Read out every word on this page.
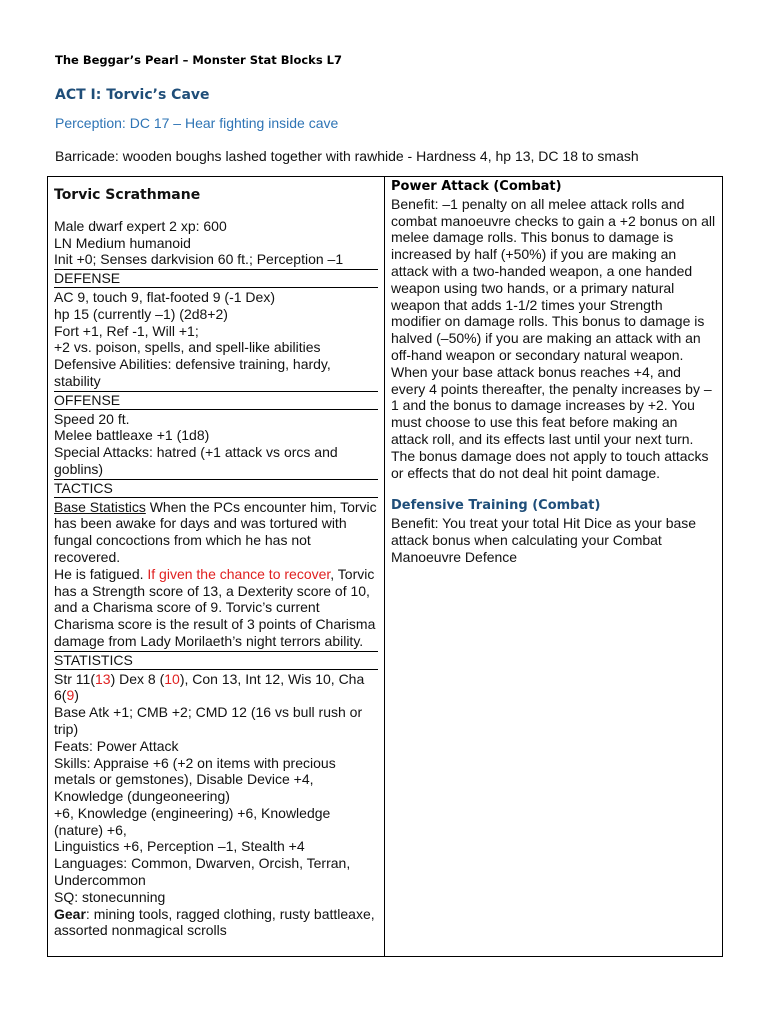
The Beggar’s Pearl – Monster Stat Blocks L7
ACT I: Torvic’s Cave
Perception: DC 17 – Hear fighting inside cave
Barricade: wooden boughs lashed together with rawhide - Hardness 4, hp 13, DC 18 to smash
Torvic Scrathmane
Male dwarf expert 2 xp: 600
LN Medium humanoid
Init +0; Senses darkvision 60 ft.; Perception –1
DEFENSE
AC 9, touch 9, flat-footed 9 (-1 Dex)
hp 15 (currently –1) (2d8+2)
Fort +1, Ref -1, Will +1;
+2 vs. poison, spells, and spell-like abilities
Defensive Abilities: defensive training, hardy, stability
OFFENSE
Speed 20 ft.
Melee battleaxe +1 (1d8)
Special Attacks: hatred (+1 attack vs orcs and goblins)
TACTICS
Base Statistics When the PCs encounter him, Torvic has been awake for days and was tortured with fungal concoctions from which he has not recovered.
He is fatigued. If given the chance to recover, Torvic has a Strength score of 13, a Dexterity score of 10, and a Charisma score of 9. Torvic’s current Charisma score is the result of 3 points of Charisma damage from Lady Morilaeth’s night terrors ability.
STATISTICS
Str 11(13) Dex 8 (10), Con 13, Int 12, Wis 10, Cha 6(9)
Base Atk +1; CMB +2; CMD 12 (16 vs bull rush or trip)
Feats: Power Attack
Skills: Appraise +6 (+2 on items with precious metals or gemstones), Disable Device +4, Knowledge (dungeoneering)
+6, Knowledge (engineering) +6, Knowledge (nature) +6,
Linguistics +6, Perception –1, Stealth +4
Languages: Common, Dwarven, Orcish, Terran, Undercommon
SQ: stonecunning
Gear: mining tools, ragged clothing, rusty battleaxe, assorted nonmagical scrolls

Power Attack (Combat)
Benefit: –1 penalty on all melee attack rolls and combat manoeuvre checks to gain a +2 bonus on all melee damage rolls. This bonus to damage is increased by half (+50%) if you are making an attack with a two-handed weapon, a one handed weapon using two hands, or a primary natural weapon that adds 1-1/2 times your Strength modifier on damage rolls. This bonus to damage is halved (–50%) if you are making an attack with an off-hand weapon or secondary natural weapon. When your base attack bonus reaches +4, and every 4 points thereafter, the penalty increases by –1 and the bonus to damage increases by +2. You must choose to use this feat before making an attack roll, and its effects last until your next turn. The bonus damage does not apply to touch attacks or effects that do not deal hit point damage.
Defensive Training (Combat)
Benefit: You treat your total Hit Dice as your base attack bonus when calculating your Combat Manoeuvre Defence
